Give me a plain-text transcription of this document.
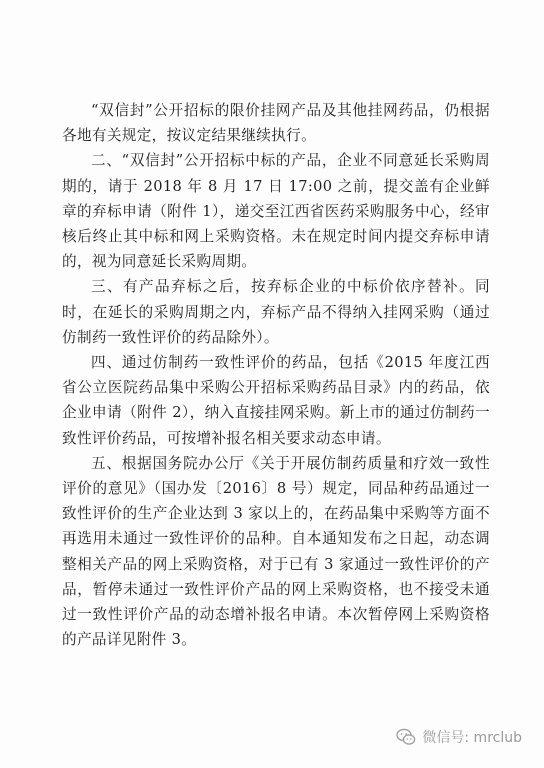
“双信封”公开招标的限价挂网产品及其他挂网药品，仍根据各地有关规定，按议定结果继续执行。

二、“双信封”公开招标中标的产品，企业不同意延长采购周期的，请于 2018 年 8 月 17 日 17:00 之前，提交盖有企业鲜章的弃标申请（附件 1），递交至江西省医药采购服务中心，经审核后终止其中标和网上采购资格。未在规定时间内提交弃标申请的，视为同意延长采购周期。

三、有产品弃标之后，按弃标企业的中标价依序替补。同时，在延长的采购周期之内，弃标产品不得纳入挂网采购（通过仿制药一致性评价的药品除外）。

四、通过仿制药一致性评价的药品，包括《2015 年度江西省公立医院药品集中采购公开招标采购药品目录》内的药品，依企业申请（附件 2），纳入直接挂网采购。新上市的通过仿制药一致性评价药品，可按增补报名相关要求动态申请。

五、根据国务院办公厅《关于开展仿制药质量和疗效一致性评价的意见》（国办发〔2016〕8 号）规定，同品种药品通过一致性评价的生产企业达到 3 家以上的，在药品集中采购等方面不再选用未通过一致性评价的品种。自本通知发布之日起，动态调整相关产品的网上采购资格，对于已有 3 家通过一致性评价的产品，暂停未通过一致性评价产品的网上采购资格，也不接受未通过一致性评价产品的动态增补报名申请。本次暂停网上采购资格的产品详见附件 3。

微信号: mrclub
